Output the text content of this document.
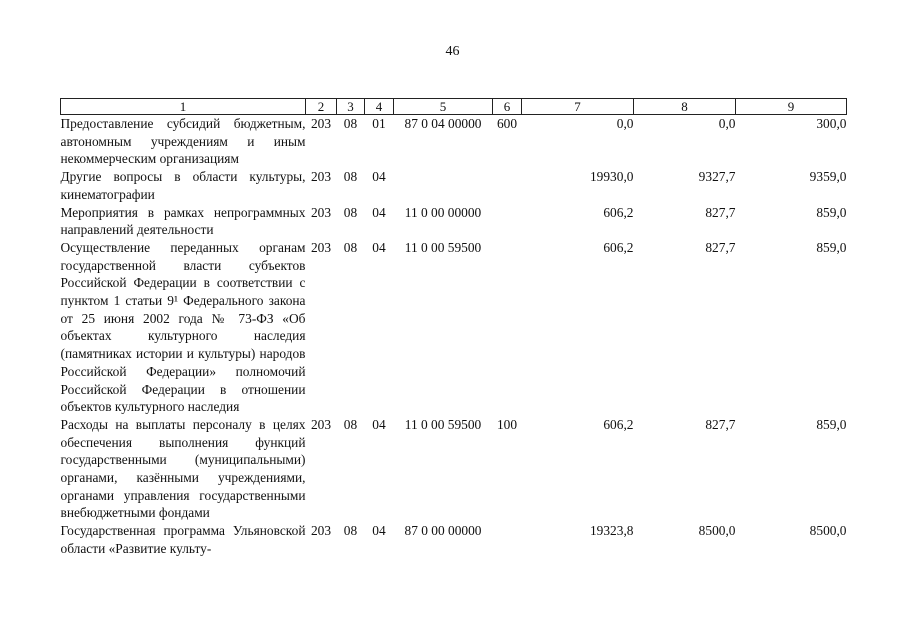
46
1	2	3	4	5	6	7	8	9
Предоставление субсидий бюджетным, автономным учреждениям и иным некоммерческим организациям	203	08	01	87 0 04 00000	600	0,0	0,0	300,0
Другие вопросы в области культуры, кинематографии	203	08	04			19930,0	9327,7	9359,0
Мероприятия в рамках непрограммных направлений деятельности	203	08	04	11 0 00 00000		606,2	827,7	859,0
Осуществление переданных органам государственной власти субъектов Российской Федерации в соответствии с пунктом 1 статьи 9¹ Федерального закона от 25 июня 2002 года № 73-ФЗ «Об объектах культурного наследия (памятниках истории и культуры) народов Российской Федерации» полномочий Российской Федерации в отношении объектов культурного наследия	203	08	04	11 0 00 59500		606,2	827,7	859,0
Расходы на выплаты персоналу в целях обеспечения выполнения функций государственными (муниципальными) органами, казёнными учреждениями, органами управления государственными внебюджетными фондами	203	08	04	11 0 00 59500	100	606,2	827,7	859,0
Государственная программа Ульяновской области «Развитие культу-	203	08	04	87 0 00 00000		19323,8	8500,0	8500,0
